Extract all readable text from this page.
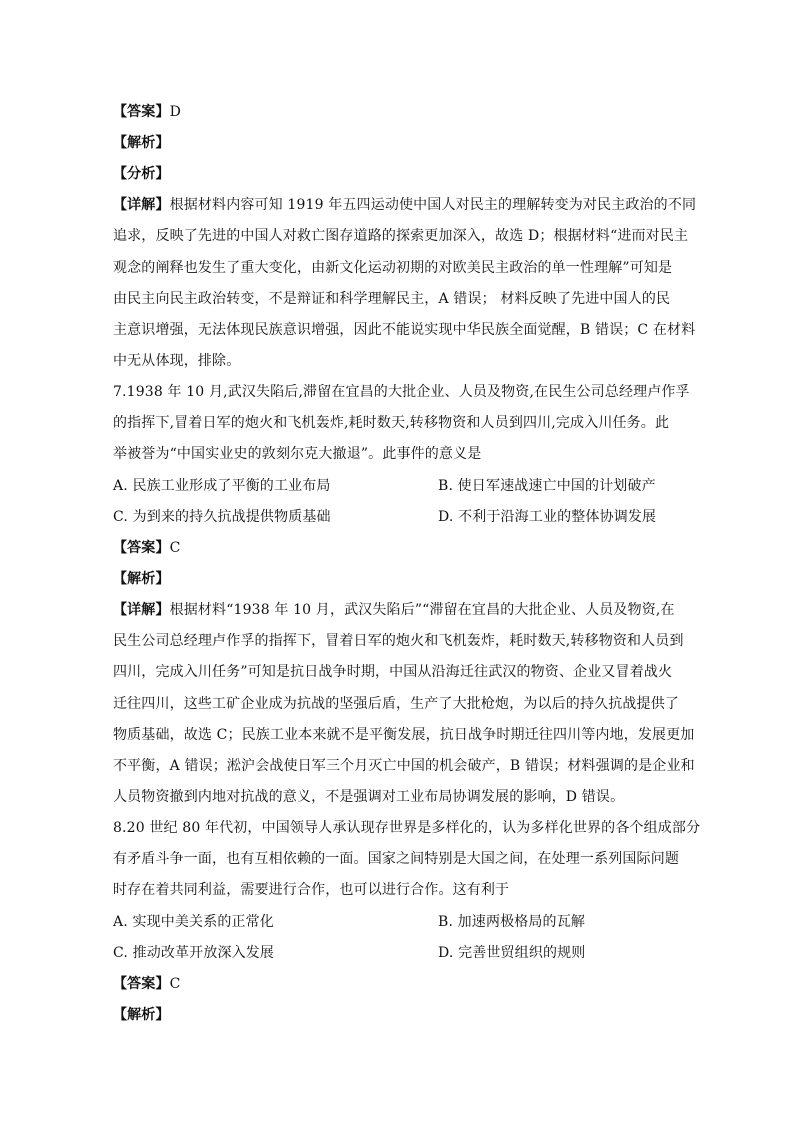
【答案】D
【解析】
【分析】
【详解】根据材料内容可知 1919 年五四运动使中国人对民主的理解转变为对民主政治的不同
追求，反映了先进的中国人对救亡图存道路的探索更加深入，故选 D；根据材料“进而对民主
观念的阐释也发生了重大变化，由新文化运动初期的对欧美民主政治的单一性理解”可知是
由民主向民主政治转变，不是辩证和科学理解民主，A 错误； 材料反映了先进中国人的民
主意识增强，无法体现民族意识增强，因此不能说实现中华民族全面觉醒，B 错误；C 在材料
中无从体现，排除。
7.1938 年 10 月,武汉失陷后,滞留在宜昌的大批企业、人员及物资,在民生公司总经理卢作孚
的指挥下,冒着日军的炮火和飞机轰炸,耗时数天,转移物资和人员到四川,完成入川任务。此
举被誉为“中国实业史的敦刻尔克大撤退”。此事件的意义是
A. 民族工业形成了平衡的工业布局	B. 使日军速战速亡中国的计划破产
C. 为到来的持久抗战提供物质基础	D. 不利于沿海工业的整体协调发展
【答案】C
【解析】
【详解】根据材料“1938 年 10 月，武汉失陷后”“滞留在宜昌的大批企业、人员及物资,在
民生公司总经理卢作孚的指挥下，冒着日军的炮火和飞机轰炸，耗时数天,转移物资和人员到
四川，完成入川任务”可知是抗日战争时期，中国从沿海迁往武汉的物资、企业又冒着战火
迁往四川，这些工矿企业成为抗战的坚强后盾，生产了大批枪炮，为以后的持久抗战提供了
物质基础，故选 C；民族工业本来就不是平衡发展，抗日战争时期迁往四川等内地，发展更加
不平衡，A 错误；淞沪会战使日军三个月灭亡中国的机会破产，B 错误；材料强调的是企业和
人员物资撤到内地对抗战的意义，不是强调对工业布局协调发展的影响，D 错误。
8.20 世纪 80 年代初，中国领导人承认现存世界是多样化的，认为多样化世界的各个组成部分
有矛盾斗争一面，也有互相依赖的一面。国家之间特别是大国之间，在处理一系列国际问题
时存在着共同利益，需要进行合作，也可以进行合作。这有利于
A. 实现中美关系的正常化	B. 加速两极格局的瓦解
C. 推动改革开放深入发展	D. 完善世贸组织的规则
【答案】C
【解析】
